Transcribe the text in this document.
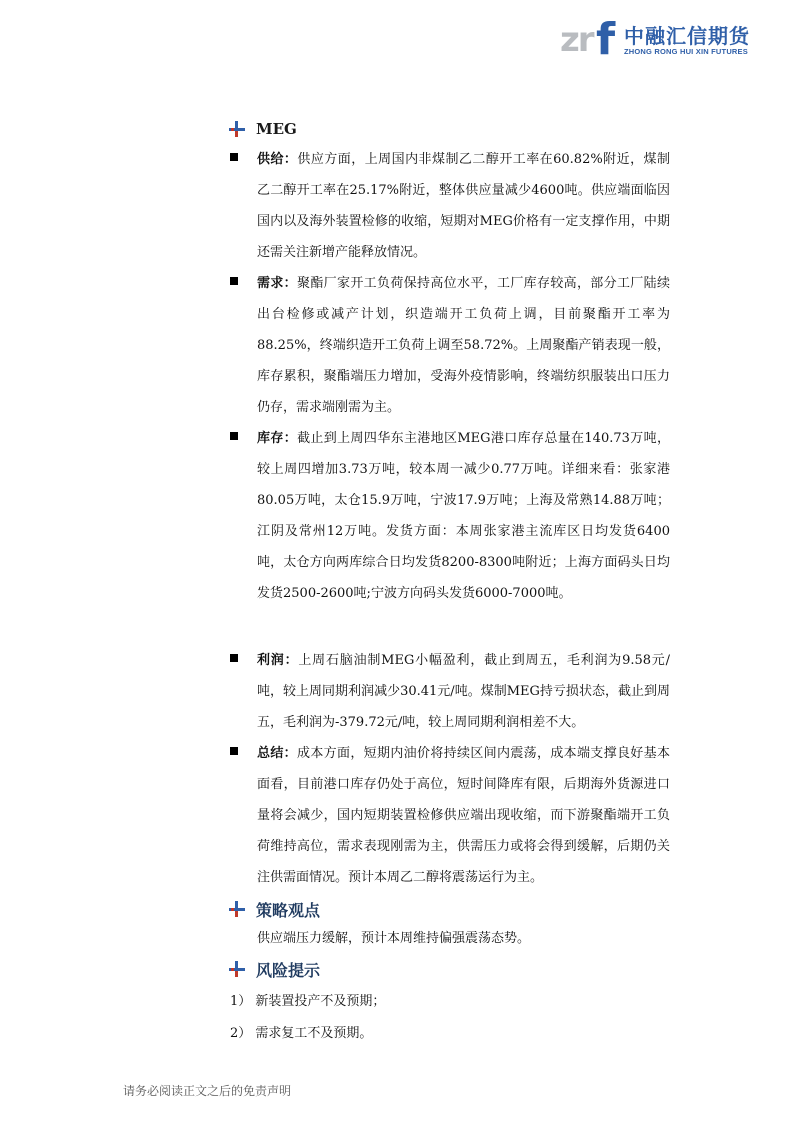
zr f 中融汇信期货
ZHONG RONG HUI XIN FUTURES
MEG
供给：供应方面，上周国内非煤制乙二醇开工率在60.82%附近，煤制乙二醇开工率在25.17%附近，整体供应量减少4600吨。供应端面临因国内以及海外装置检修的收缩，短期对MEG价格有一定支撑作用，中期还需关注新增产能释放情况。
需求：聚酯厂家开工负荷保持高位水平，工厂库存较高，部分工厂陆续出台检修或减产计划，织造端开工负荷上调，目前聚酯开工率为88.25%，终端织造开工负荷上调至58.72%。上周聚酯产销表现一般，库存累积，聚酯端压力增加，受海外疫情影响，终端纺织服装出口压力仍存，需求端刚需为主。
库存：截止到上周四华东主港地区MEG港口库存总量在140.73万吨，较上周四增加3.73万吨，较本周一减少0.77万吨。详细来看：张家港80.05万吨，太仓15.9万吨，宁波17.9万吨；上海及常熟14.88万吨；江阴及常州12万吨。发货方面：本周张家港主流库区日均发货6400吨，太仓方向两库综合日均发货8200-8300吨附近；上海方面码头日均发货2500-2600吨;宁波方向码头发货6000-7000吨。
利润：上周石脑油制MEG小幅盈利，截止到周五，毛利润为9.58元/吨，较上周同期利润减少30.41元/吨。煤制MEG持亏损状态，截止到周五，毛利润为-379.72元/吨，较上周同期利润相差不大。
总结：成本方面，短期内油价将持续区间内震荡，成本端支撑良好基本面看，目前港口库存仍处于高位，短时间降库有限，后期海外货源进口量将会减少，国内短期装置检修供应端出现收缩，而下游聚酯端开工负荷维持高位，需求表现刚需为主，供需压力或将会得到缓解，后期仍关注供需面情况。预计本周乙二醇将震荡运行为主。
策略观点
供应端压力缓解，预计本周维持偏强震荡态势。
风险提示
1） 新装置投产不及预期；
2） 需求复工不及预期。
请务必阅读正文之后的免责声明
